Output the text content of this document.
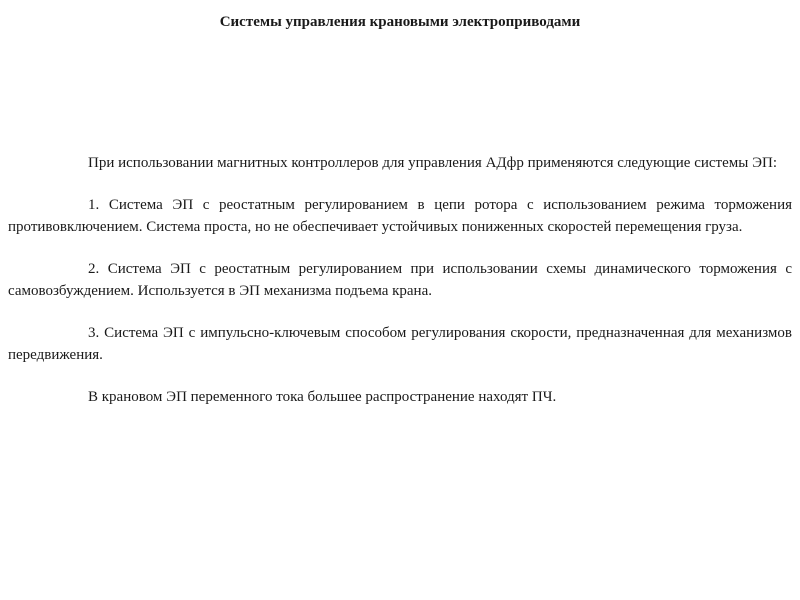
Системы управления крановыми электроприводами

При использовании магнитных контроллеров для управления АДфр применяются следующие системы ЭП:

1. Система ЭП с реостатным регулированием в цепи ротора с использованием режима торможения противовключением. Система проста, но не обеспечивает устойчивых пониженных скоростей перемещения груза.

2. Система ЭП с реостатным регулированием при использовании схемы динамического торможения с самовозбуждением. Используется в ЭП механизма подъема крана.

3. Система ЭП с импульсно-ключевым способом регулирования скорости, предназначенная для механизмов передвижения.

В крановом ЭП переменного тока большее распространение находят ПЧ.
